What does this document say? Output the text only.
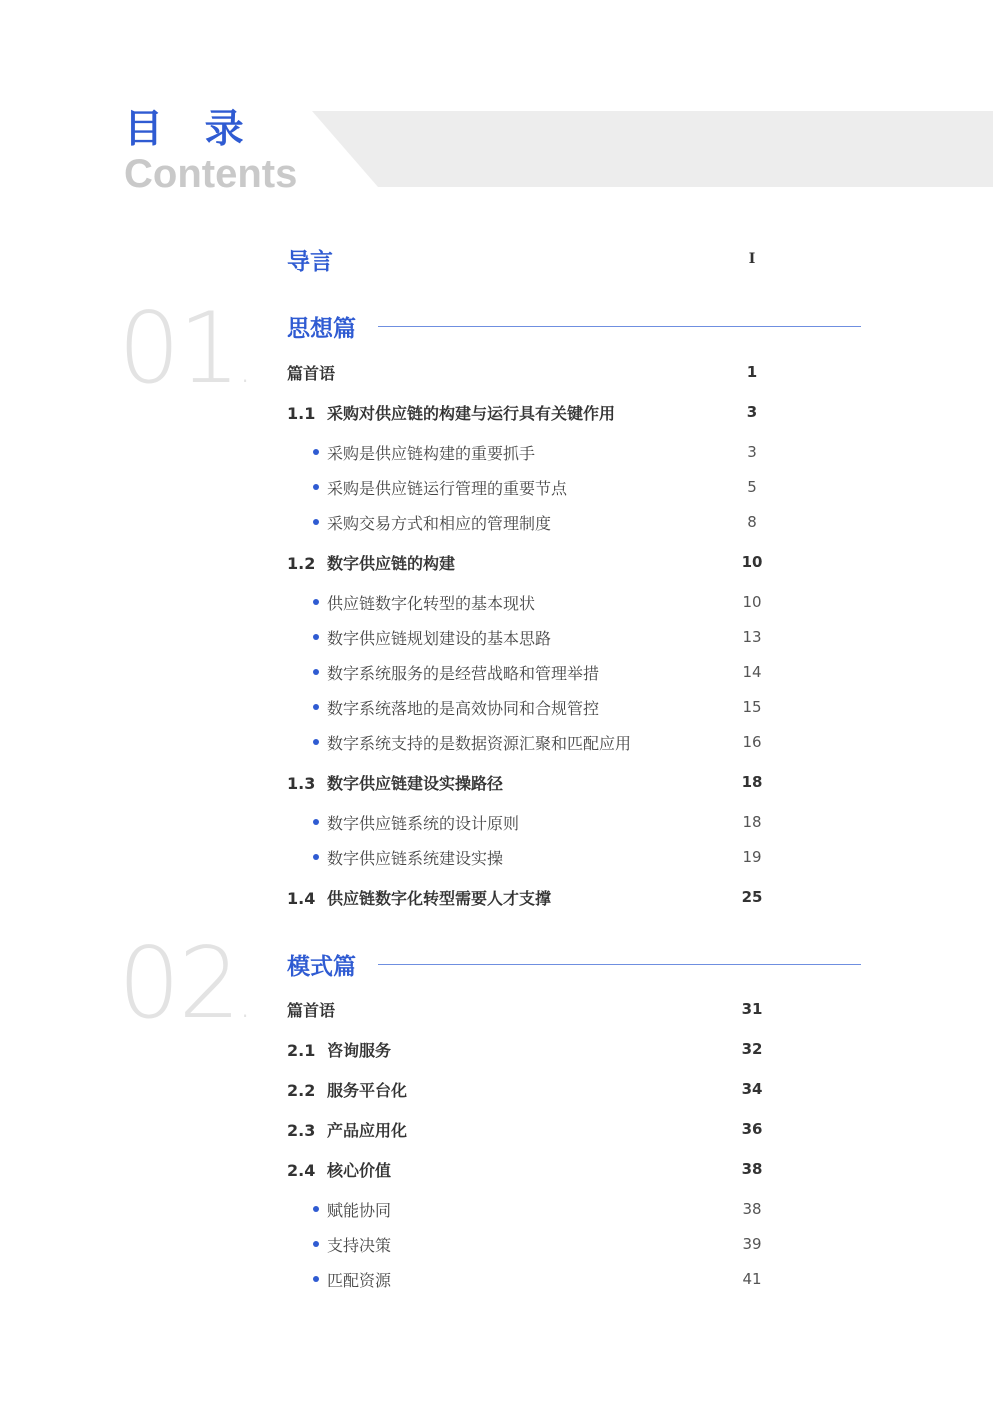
目 录
Contents
导言	I
01.
思想篇
篇首语	1
1.1 采购对供应链的构建与运行具有关键作用	3
采购是供应链构建的重要抓手	3
采购是供应链运行管理的重要节点	5
采购交易方式和相应的管理制度	8
1.2 数字供应链的构建	10
供应链数字化转型的基本现状	10
数字供应链规划建设的基本思路	13
数字系统服务的是经营战略和管理举措	14
数字系统落地的是高效协同和合规管控	15
数字系统支持的是数据资源汇聚和匹配应用	16
1.3 数字供应链建设实操路径	18
数字供应链系统的设计原则	18
数字供应链系统建设实操	19
1.4 供应链数字化转型需要人才支撑	25
02.
模式篇
篇首语	31
2.1 咨询服务	32
2.2 服务平台化	34
2.3 产品应用化	36
2.4 核心价值	38
赋能协同	38
支持决策	39
匹配资源	41
